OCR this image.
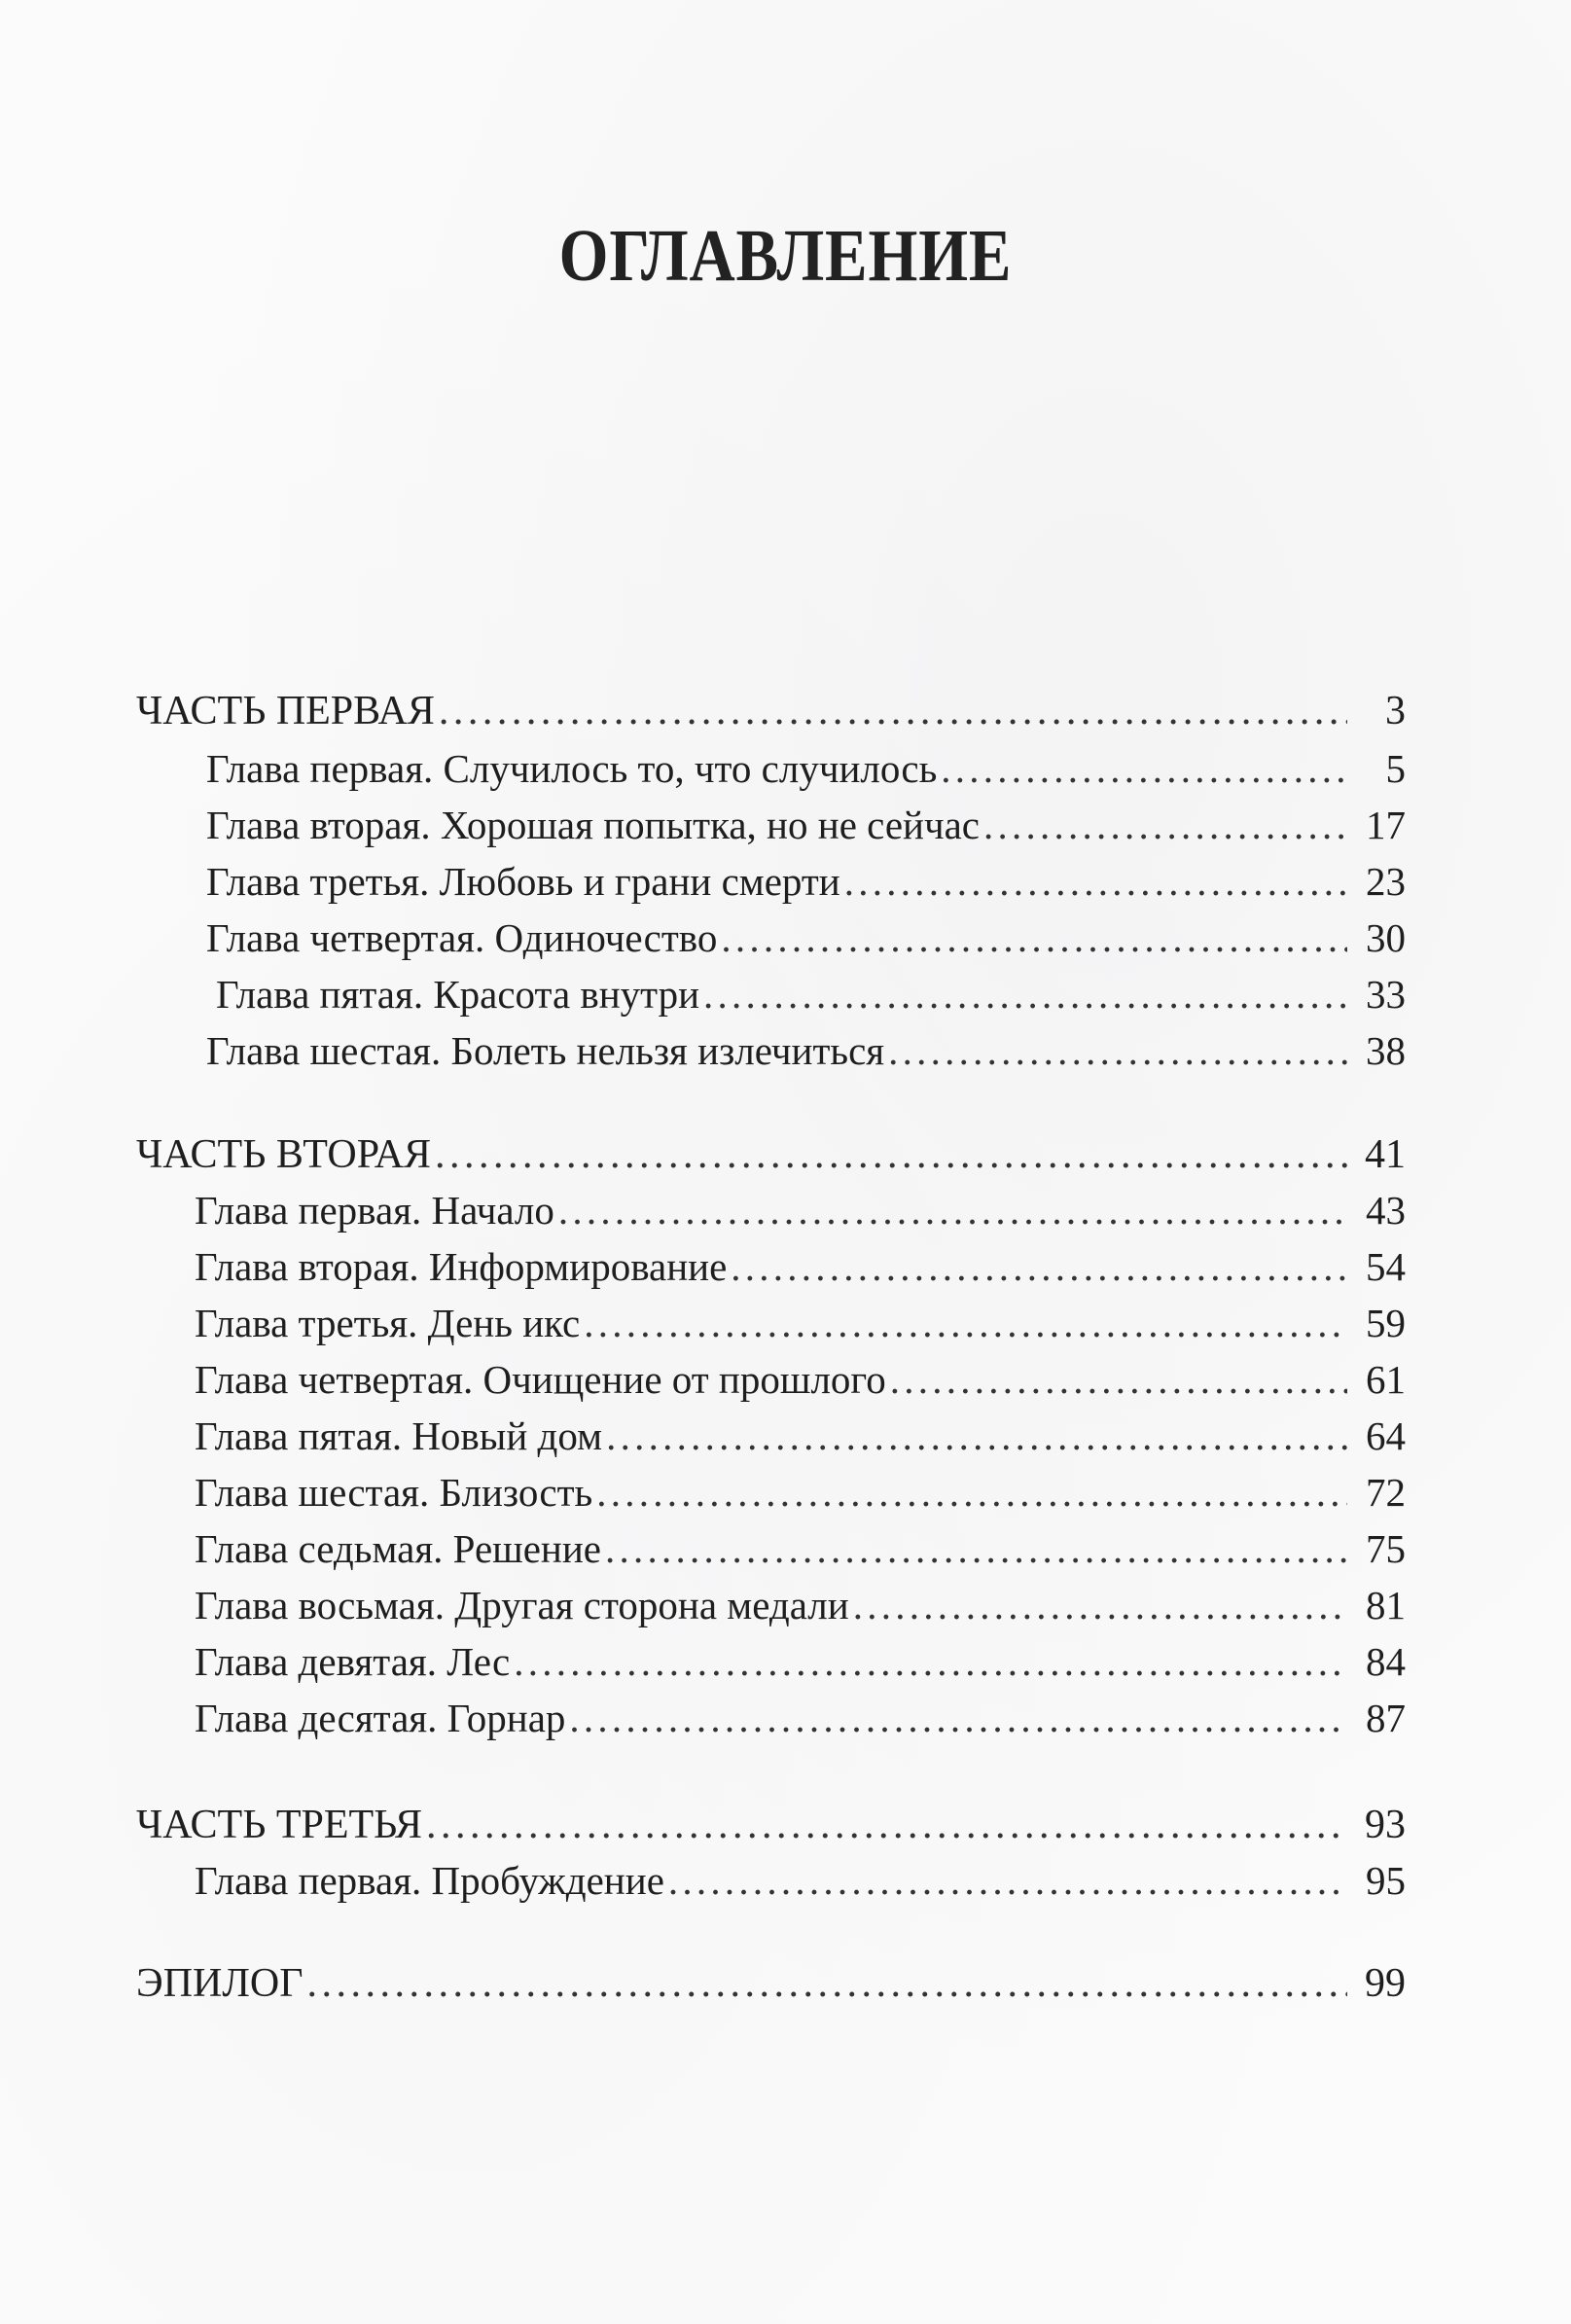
ОГЛАВЛЕНИЕ
ЧАСТЬ ПЕРВАЯ . . .	3
Глава первая. Случилось то, что случилось . . .	5
Глава вторая. Хорошая попытка, но не сейчас . . .	17
Глава третья. Любовь и грани смерти . . .	23
Глава четвертая. Одиночество . . .	30
Глава пятая. Красота внутри . . .	33
Глава шестая. Болеть нельзя излечиться . . .	38
ЧАСТЬ ВТОРАЯ . . .	41
Глава первая. Начало . . .	43
Глава вторая. Информирование . . .	54
Глава третья. День икс . . .	59
Глава четвертая. Очищение от прошлого . . .	61
Глава пятая. Новый дом . . .	64
Глава шестая. Близость . . .	72
Глава седьмая. Решение . . .	75
Глава восьмая. Другая сторона медали . . .	81
Глава девятая. Лес . . .	84
Глава десятая. Горнар . . .	87
ЧАСТЬ ТРЕТЬЯ . . .	93
Глава первая. Пробуждение . . .	95
ЭПИЛОГ . . .	99
